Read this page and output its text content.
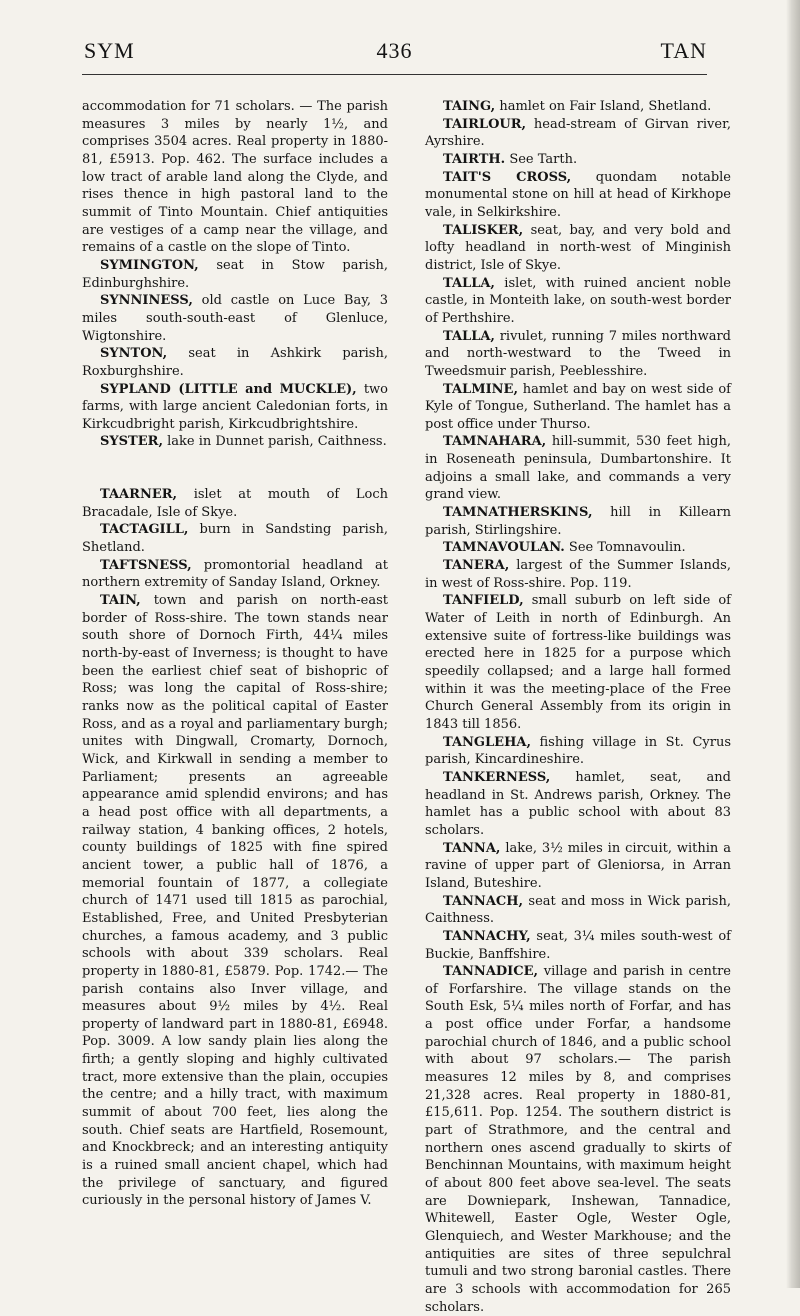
SYM	436	TAN

accommodation for 71 scholars. — The parish measures 3 miles by nearly 1½, and comprises 3504 acres. Real property in 1880-81, £5913. Pop. 462. The surface includes a low tract of arable land along the Clyde, and rises thence in high pastoral land to the summit of Tinto Mountain. Chief antiquities are vestiges of a camp near the village, and remains of a castle on the slope of Tinto.

SYMINGTON, seat in Stow parish, Edinburghshire.

SYNNINESS, old castle on Luce Bay, 3 miles south-south-east of Glenluce, Wigtonshire.

SYNTON, seat in Ashkirk parish, Roxburghshire.

SYPLAND (LITTLE and MUCKLE), two farms, with large ancient Caledonian forts, in Kirkcudbright parish, Kirkcudbrightshire.

SYSTER, lake in Dunnet parish, Caithness.

TAARNER, islet at mouth of Loch Bracadale, Isle of Skye.

TACTAGILL, burn in Sandsting parish, Shetland.

TAFTSNESS, promontorial headland at northern extremity of Sanday Island, Orkney.

TAIN, town and parish on north-east border of Ross-shire. The town stands near south shore of Dornoch Firth, 44¼ miles north-by-east of Inverness; is thought to have been the earliest chief seat of bishopric of Ross; was long the capital of Ross-shire; ranks now as the political capital of Easter Ross, and as a royal and parliamentary burgh; unites with Dingwall, Cromarty, Dornoch, Wick, and Kirkwall in sending a member to Parliament; presents an agreeable appearance amid splendid environs; and has a head post office with all departments, a railway station, 4 banking offices, 2 hotels, county buildings of 1825 with fine spired ancient tower, a public hall of 1876, a memorial fountain of 1877, a collegiate church of 1471 used till 1815 as parochial, Established, Free, and United Presbyterian churches, a famous academy, and 3 public schools with about 339 scholars. Real property in 1880-81, £5879. Pop. 1742.— The parish contains also Inver village, and measures about 9½ miles by 4½. Real property of landward part in 1880-81, £6948. Pop. 3009. A low sandy plain lies along the firth; a gently sloping and highly cultivated tract, more extensive than the plain, occupies the centre; and a hilly tract, with maximum summit of about 700 feet, lies along the south. Chief seats are Hartfield, Rosemount, and Knockbreck; and an interesting antiquity is a ruined small ancient chapel, which had the privilege of sanctuary, and figured curiously in the personal history of James V.

TAING, hamlet on Fair Island, Shetland.

TAIRLOUR, head-stream of Girvan river, Ayrshire.

TAIRTH. See Tarth.

TAIT'S CROSS, quondam notable monumental stone on hill at head of Kirkhope vale, in Selkirkshire.

TALISKER, seat, bay, and very bold and lofty headland in north-west of Minginish district, Isle of Skye.

TALLA, islet, with ruined ancient noble castle, in Monteith lake, on south-west border of Perthshire.

TALLA, rivulet, running 7 miles northward and north-westward to the Tweed in Tweedsmuir parish, Peeblesshire.

TALMINE, hamlet and bay on west side of Kyle of Tongue, Sutherland. The hamlet has a post office under Thurso.

TAMNAHARA, hill-summit, 530 feet high, in Roseneath peninsula, Dumbartonshire. It adjoins a small lake, and commands a very grand view.

TAMNATHERSKINS, hill in Killearn parish, Stirlingshire.

TAMNAVOULAN. See Tomnavoulin.

TANERA, largest of the Summer Islands, in west of Ross-shire. Pop. 119.

TANFIELD, small suburb on left side of Water of Leith in north of Edinburgh. An extensive suite of fortress-like buildings was erected here in 1825 for a purpose which speedily collapsed; and a large hall formed within it was the meeting-place of the Free Church General Assembly from its origin in 1843 till 1856.

TANGLEHA, fishing village in St. Cyrus parish, Kincardineshire.

TANKERNESS, hamlet, seat, and headland in St. Andrews parish, Orkney. The hamlet has a public school with about 83 scholars.

TANNA, lake, 3½ miles in circuit, within a ravine of upper part of Gleniorsa, in Arran Island, Buteshire.

TANNACH, seat and moss in Wick parish, Caithness.

TANNACHY, seat, 3¼ miles south-west of Buckie, Banffshire.

TANNADICE, village and parish in centre of Forfarshire. The village stands on the South Esk, 5¼ miles north of Forfar, and has a post office under Forfar, a handsome parochial church of 1846, and a public school with about 97 scholars.— The parish measures 12 miles by 8, and comprises 21,328 acres. Real property in 1880-81, £15,611. Pop. 1254. The southern district is part of Strathmore, and the central and northern ones ascend gradually to skirts of Benchinnan Mountains, with maximum height of about 800 feet above sea-level. The seats are Downiepark, Inshewan, Tannadice, Whitewell, Easter Ogle, Wester Ogle, Glenquiech, and Wester Markhouse; and the antiquities are sites of three sepulchral tumuli and two strong baronial castles. There are 3 schools with accommodation for 265 scholars.
